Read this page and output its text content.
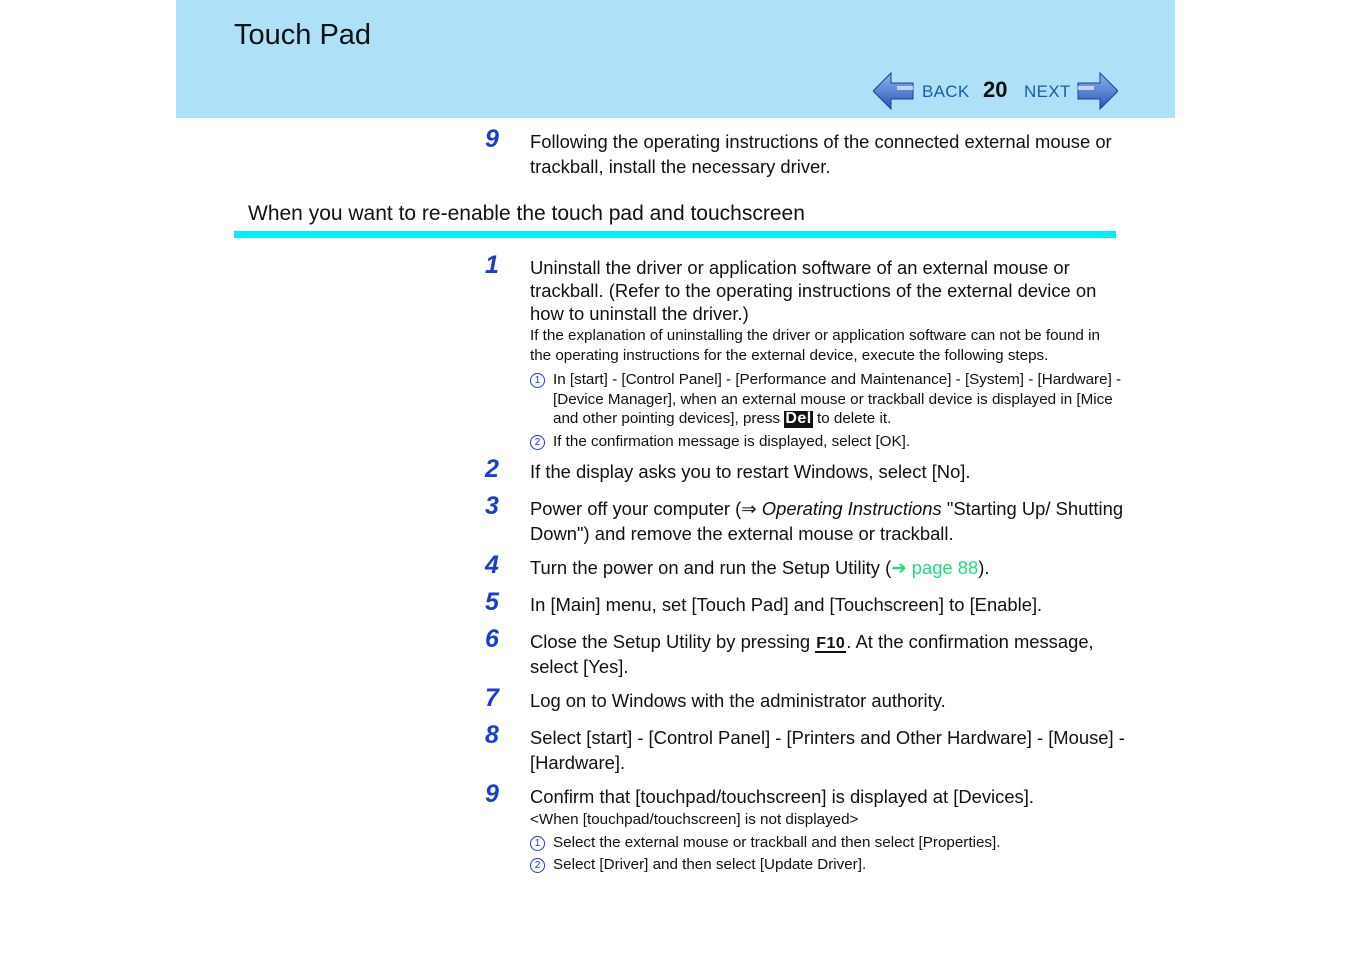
Touch Pad
BACK 20 NEXT
9	Following the operating instructions of the connected external mouse or trackball, install the necessary driver.
When you want to re-enable the touch pad and touchscreen
1	Uninstall the driver or application software of an external mouse or trackball. (Refer to the operating instructions of the external device on how to uninstall the driver.)
If the explanation of uninstalling the driver or application software can not be found in the operating instructions for the external device, execute the following steps.
1 In [start] - [Control Panel] - [Performance and Maintenance] - [System] - [Hardware] - [Device Manager], when an external mouse or trackball device is displayed in [Mice and other pointing devices], press Del to delete it.
2 If the confirmation message is displayed, select [OK].
2	If the display asks you to restart Windows, select [No].
3	Power off your computer (⇒ Operating Instructions "Starting Up/ Shutting Down") and remove the external mouse or trackball.
4	Turn the power on and run the Setup Utility (➔ page 88).
5	In [Main] menu, set [Touch Pad] and [Touchscreen] to [Enable].
6	Close the Setup Utility by pressing F10. At the confirmation message, select [Yes].
7	Log on to Windows with the administrator authority.
8	Select [start] - [Control Panel] - [Printers and Other Hardware] - [Mouse] - [Hardware].
9	Confirm that [touchpad/touchscreen] is displayed at [Devices].
<When [touchpad/touchscreen] is not displayed>
1 Select the external mouse or trackball and then select [Properties].
2 Select [Driver] and then select [Update Driver].
